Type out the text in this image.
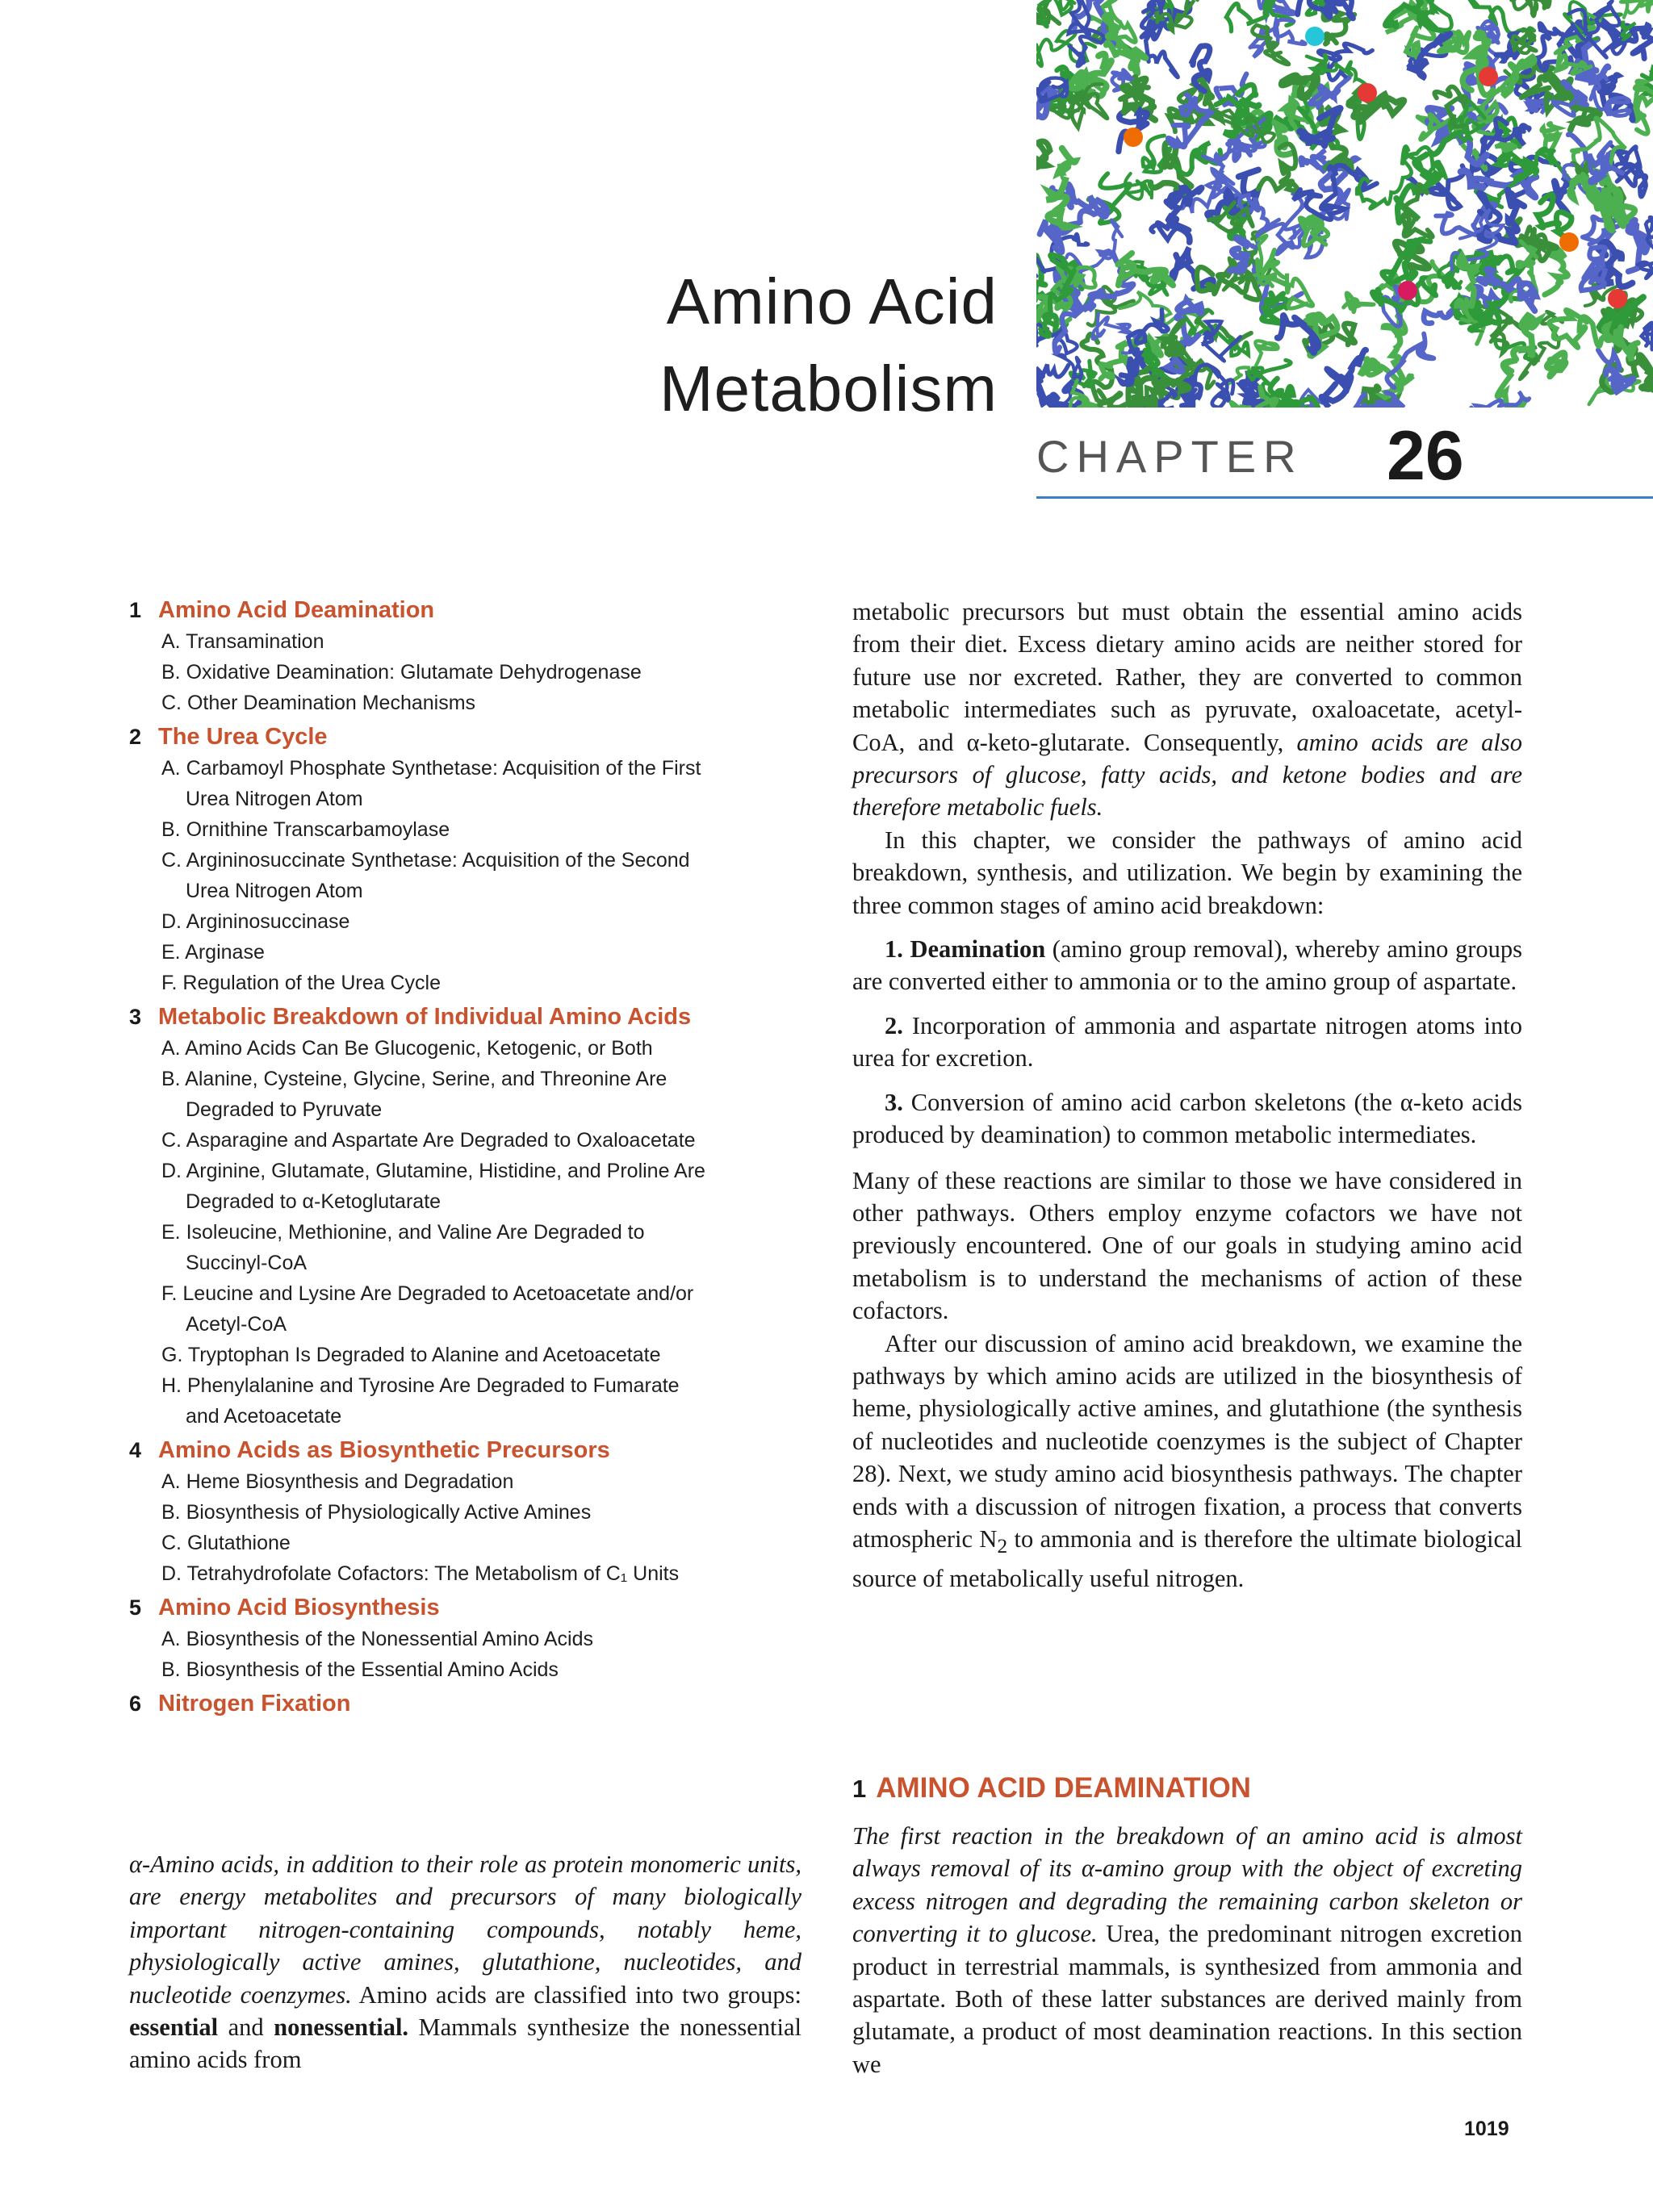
Amino Acid
Metabolism
CHAPTER 26
1 Amino Acid Deamination
A. Transamination
B. Oxidative Deamination: Glutamate Dehydrogenase
C. Other Deamination Mechanisms
2 The Urea Cycle
A. Carbamoyl Phosphate Synthetase: Acquisition of the First
Urea Nitrogen Atom
B. Ornithine Transcarbamoylase
C. Argininosuccinate Synthetase: Acquisition of the Second
Urea Nitrogen Atom
D. Argininosuccinase
E. Arginase
F. Regulation of the Urea Cycle
3 Metabolic Breakdown of Individual Amino Acids
A. Amino Acids Can Be Glucogenic, Ketogenic, or Both
B. Alanine, Cysteine, Glycine, Serine, and Threonine Are
Degraded to Pyruvate
C. Asparagine and Aspartate Are Degraded to Oxaloacetate
D. Arginine, Glutamate, Glutamine, Histidine, and Proline Are
Degraded to α-Ketoglutarate
E. Isoleucine, Methionine, and Valine Are Degraded to
Succinyl-CoA
F. Leucine and Lysine Are Degraded to Acetoacetate and/or
Acetyl-CoA
G. Tryptophan Is Degraded to Alanine and Acetoacetate
H. Phenylalanine and Tyrosine Are Degraded to Fumarate
and Acetoacetate
4 Amino Acids as Biosynthetic Precursors
A. Heme Biosynthesis and Degradation
B. Biosynthesis of Physiologically Active Amines
C. Glutathione
D. Tetrahydrofolate Cofactors: The Metabolism of C₁ Units
5 Amino Acid Biosynthesis
A. Biosynthesis of the Nonessential Amino Acids
B. Biosynthesis of the Essential Amino Acids
6 Nitrogen Fixation

α-Amino acids, in addition to their role as protein monomeric units, are energy metabolites and precursors of many biologically important nitrogen-containing compounds, notably heme, physiologically active amines, glutathione, nucleotides, and nucleotide coenzymes. Amino acids are classified into two groups: essential and nonessential. Mammals synthesize the nonessential amino acids from

metabolic precursors but must obtain the essential amino acids from their diet. Excess dietary amino acids are neither stored for future use nor excreted. Rather, they are converted to common metabolic intermediates such as pyruvate, oxaloacetate, acetyl-CoA, and α-keto-glutarate. Consequently, amino acids are also precursors of glucose, fatty acids, and ketone bodies and are therefore metabolic fuels.

In this chapter, we consider the pathways of amino acid breakdown, synthesis, and utilization. We begin by examining the three common stages of amino acid breakdown:

1. Deamination (amino group removal), whereby amino groups are converted either to ammonia or to the amino group of aspartate.

2. Incorporation of ammonia and aspartate nitrogen atoms into urea for excretion.

3. Conversion of amino acid carbon skeletons (the α-keto acids produced by deamination) to common metabolic intermediates.

Many of these reactions are similar to those we have considered in other pathways. Others employ enzyme cofactors we have not previously encountered. One of our goals in studying amino acid metabolism is to understand the mechanisms of action of these cofactors.

After our discussion of amino acid breakdown, we examine the pathways by which amino acids are utilized in the biosynthesis of heme, physiologically active amines, and glutathione (the synthesis of nucleotides and nucleotide coenzymes is the subject of Chapter 28). Next, we study amino acid biosynthesis pathways. The chapter ends with a discussion of nitrogen fixation, a process that converts atmospheric $N_2$ to ammonia and is therefore the ultimate biological source of metabolically useful nitrogen.

1 AMINO ACID DEAMINATION

The first reaction in the breakdown of an amino acid is almost always removal of its α-amino group with the object of excreting excess nitrogen and degrading the remaining carbon skeleton or converting it to glucose. Urea, the predominant nitrogen excretion product in terrestrial mammals, is synthesized from ammonia and aspartate. Both of these latter substances are derived mainly from glutamate, a product of most deamination reactions. In this section we

1019
